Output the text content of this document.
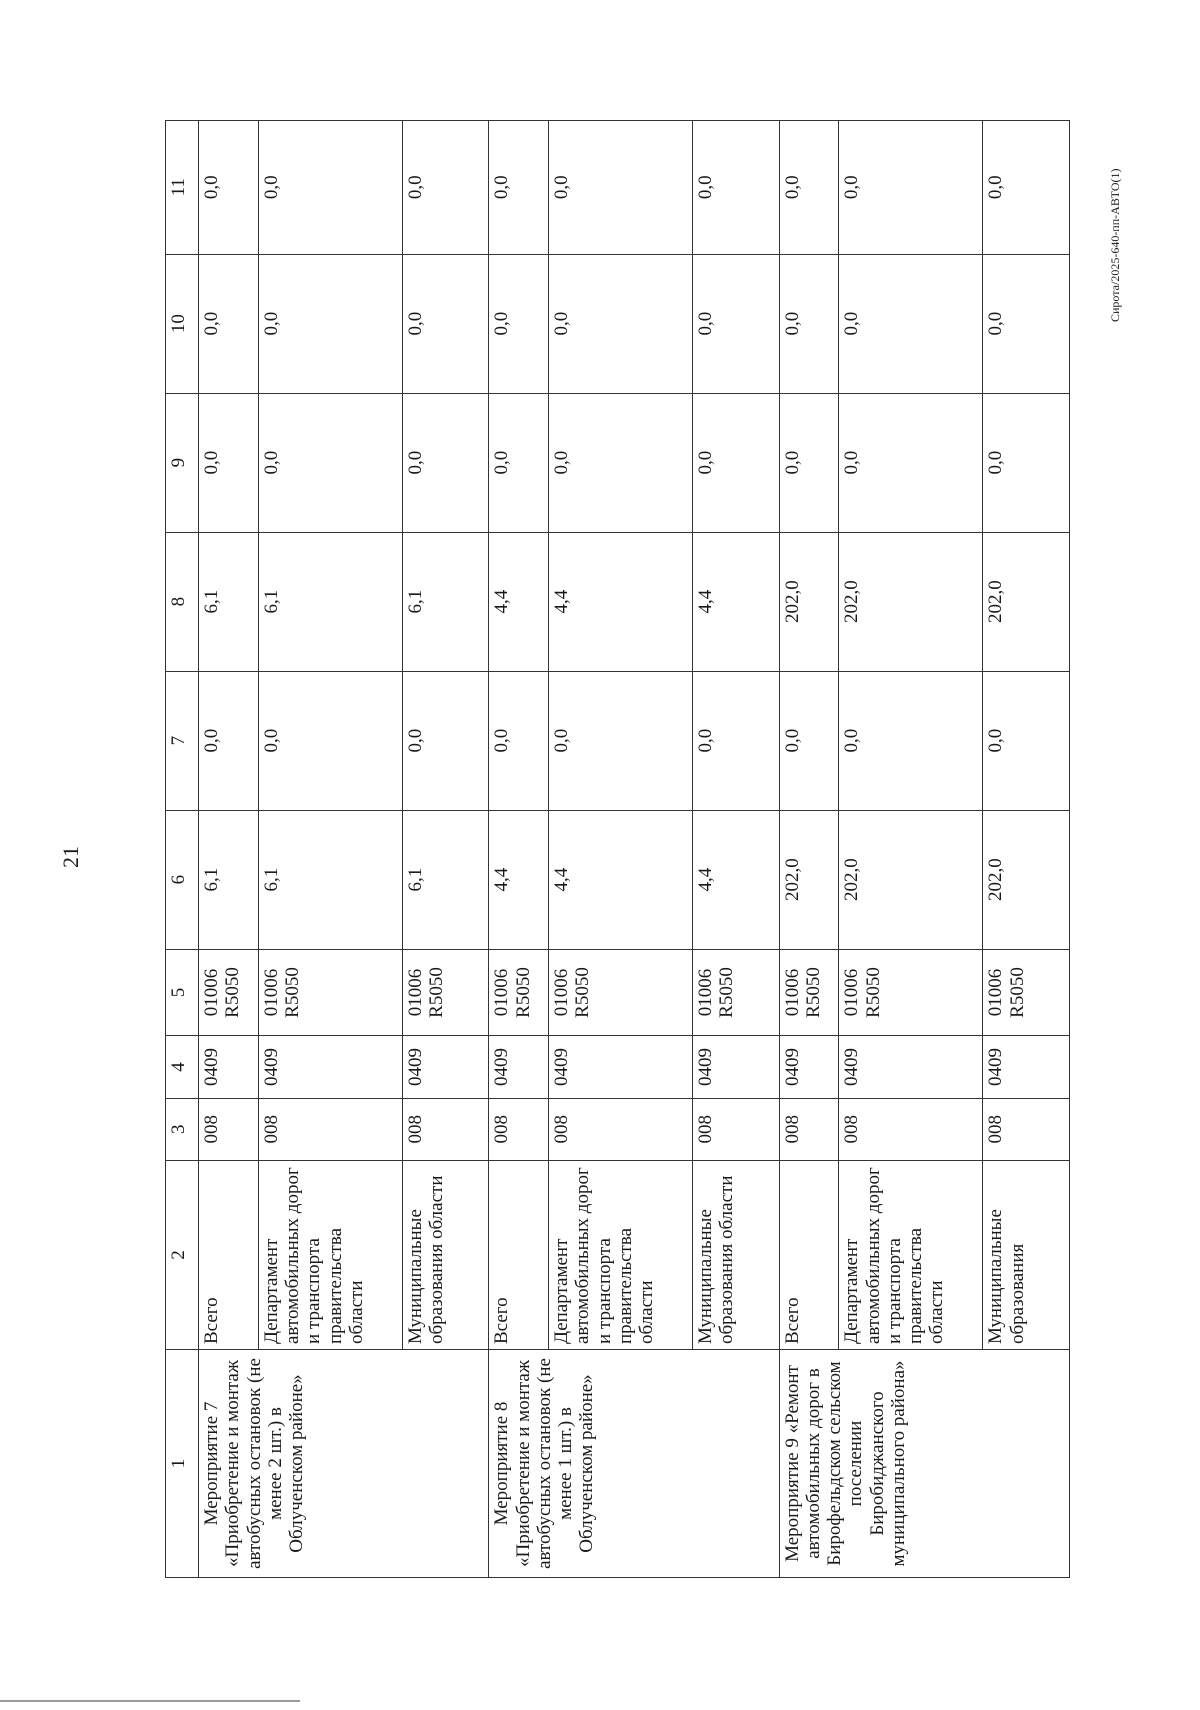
21
Сирота/2025-640-пп-АВТО(1)
1	2	3	4	5	6	7	8	9	10	11
Мероприятие 7 «Приобретение и монтаж автобусных остановок (не менее 2 шт.) в Облученском районе»	Всего	008	0409	01006 R5050	6,1	0,0	6,1	0,0	0,0	0,0
	Департамент автомобильных дорог и транспорта правительства области	008	0409	01006 R5050	6,1	0,0	6,1	0,0	0,0	0,0
	Муниципальные образования области	008	0409	01006 R5050	6,1	0,0	6,1	0,0	0,0	0,0
Мероприятие 8 «Приобретение и монтаж автобусных остановок (не менее 1 шт.) в Облученском районе»	Всего	008	0409	01006 R5050	4,4	0,0	4,4	0,0	0,0	0,0
	Департамент автомобильных дорог и транспорта правительства области	008	0409	01006 R5050	4,4	0,0	4,4	0,0	0,0	0,0
	Муниципальные образования области	008	0409	01006 R5050	4,4	0,0	4,4	0,0	0,0	0,0
Мероприятие 9 «Ремонт автомобильных дорог в Бирофельдском сельском поселении Биробиджанского муниципального района»	Всего	008	0409	01006 R5050	202,0	0,0	202,0	0,0	0,0	0,0
	Департамент автомобильных дорог и транспорта правительства области	008	0409	01006 R5050	202,0	0,0	202,0	0,0	0,0	0,0
	Муниципальные образования	008	0409	01006 R5050	202,0	0,0	202,0	0,0	0,0	0,0
